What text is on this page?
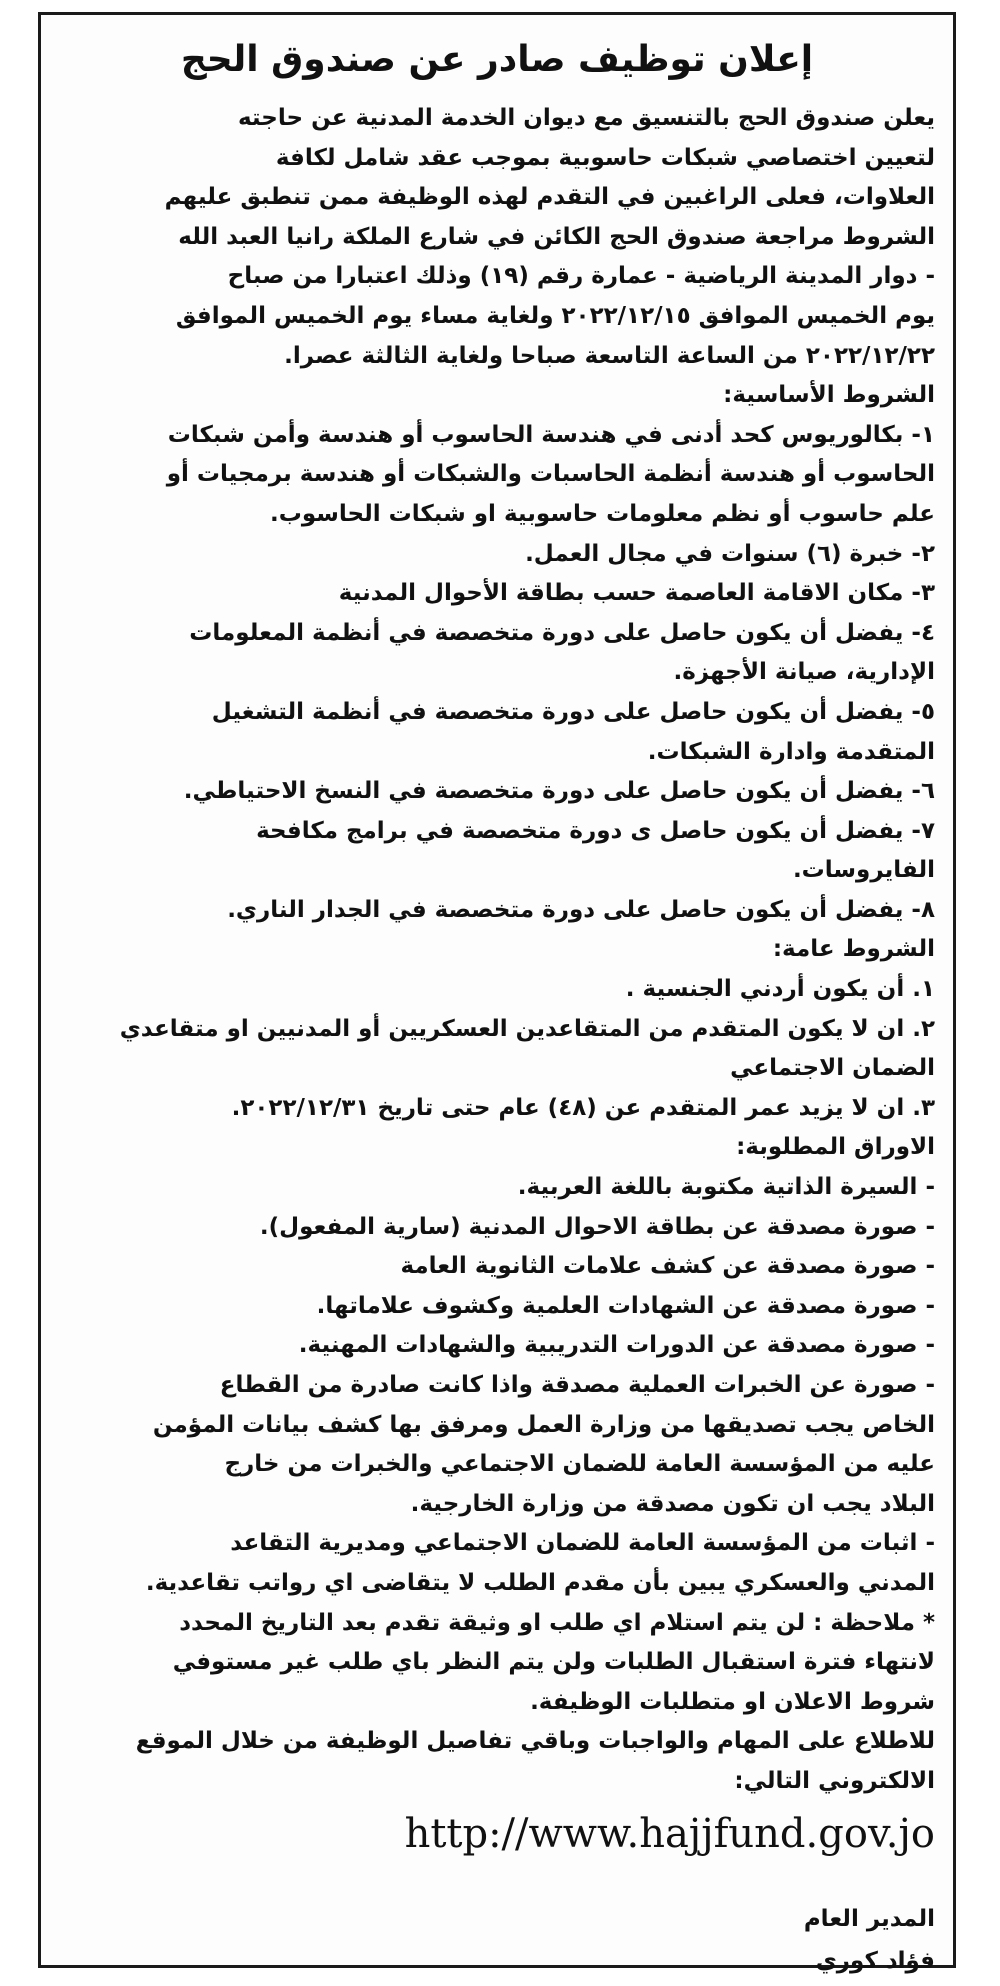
إعلان توظيف صادر عن صندوق الحج
يعلن صندوق الحج بالتنسيق مع ديوان الخدمة المدنية عن حاجته
لتعيين اختصاصي شبكات حاسوبية بموجب عقد شامل لكافة
العلاوات، فعلى الراغبين في التقدم لهذه الوظيفة ممن تنطبق عليهم
الشروط مراجعة صندوق الحج الكائن في شارع الملكة رانيا العبد الله
- دوار المدينة الرياضية - عمارة رقم (١٩) وذلك اعتبارا من صباح
يوم الخميس الموافق ٢٠٢٢/١٢/١٥ ولغاية مساء يوم الخميس الموافق
٢٠٢٢/١٢/٢٢ من الساعة التاسعة صباحا ولغاية الثالثة عصرا.
الشروط الأساسية:
١- بكالوريوس كحد أدنى في هندسة الحاسوب أو هندسة وأمن شبكات
الحاسوب أو هندسة أنظمة الحاسبات والشبكات أو هندسة برمجيات أو
علم حاسوب أو نظم معلومات حاسوبية او شبكات الحاسوب.
٢- خبرة (٦) سنوات في مجال العمل.
٣- مكان الاقامة العاصمة حسب بطاقة الأحوال المدنية
٤- يفضل أن يكون حاصل على دورة متخصصة في أنظمة المعلومات
الإدارية، صيانة الأجهزة.
٥- يفضل أن يكون حاصل على دورة متخصصة في أنظمة التشغيل
المتقدمة وادارة الشبكات.
٦- يفضل أن يكون حاصل على دورة متخصصة في النسخ الاحتياطي.
٧- يفضل أن يكون حاصل ى دورة متخصصة في برامج مكافحة
الفايروسات.
٨- يفضل أن يكون حاصل على دورة متخصصة في الجدار الناري.
الشروط عامة:
١. أن يكون أردني الجنسية .
٢. ان لا يكون المتقدم من المتقاعدين العسكريين أو المدنيين او متقاعدي
الضمان الاجتماعي
٣. ان لا يزيد عمر المتقدم عن (٤٨) عام حتى تاريخ ٢٠٢٢/١٢/٣١.
الاوراق المطلوبة:
- السيرة الذاتية مكتوبة باللغة العربية.
- صورة مصدقة عن بطاقة الاحوال المدنية (سارية المفعول).
- صورة مصدقة عن كشف علامات الثانوية العامة
- صورة مصدقة عن الشهادات العلمية وكشوف علاماتها.
- صورة مصدقة عن الدورات التدريبية والشهادات المهنية.
- صورة عن الخبرات العملية مصدقة واذا كانت صادرة من القطاع
الخاص يجب تصديقها من وزارة العمل ومرفق بها كشف بيانات المؤمن
عليه من المؤسسة العامة للضمان الاجتماعي والخبرات من خارج
البلاد يجب ان تكون مصدقة من وزارة الخارجية.
- اثبات من المؤسسة العامة للضمان الاجتماعي ومديرية التقاعد
المدني والعسكري يبين بأن مقدم الطلب لا يتقاضى اي رواتب تقاعدية.
* ملاحظة : لن يتم استلام اي طلب او وثيقة تقدم بعد التاريخ المحدد
لانتهاء فترة استقبال الطلبات ولن يتم النظر باي طلب غير مستوفي
شروط الاعلان او متطلبات الوظيفة.
للاطلاع على المهام والواجبات وباقي تفاصيل الوظيفة من خلال الموقع
الالكتروني التالي:
http://www.hajjfund.gov.jo
المدير العام
فؤاد كوري
